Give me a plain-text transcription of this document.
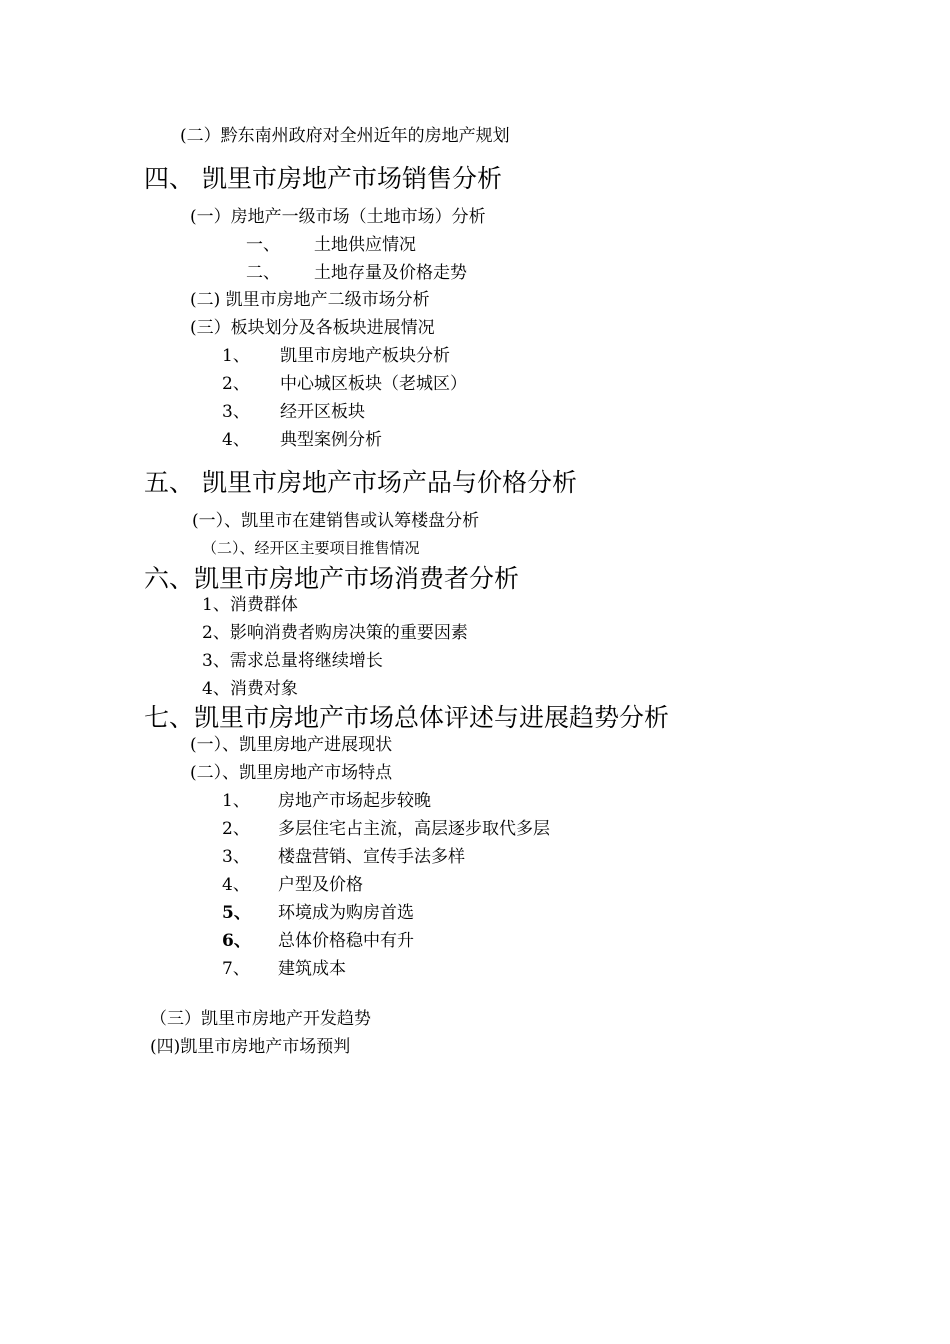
(二）黔东南州政府对全州近年的房地产规划
四、 凯里市房地产市场销售分析
(一）房地产一级市场（土地市场）分析
一、 土地供应情况
二、 土地存量及价格走势
(二) 凯里市房地产二级市场分析
(三）板块划分及各板块进展情况
1、 凯里市房地产板块分析
2、 中心城区板块（老城区）
3、 经开区板块
4、 典型案例分析
五、 凯里市房地产市场产品与价格分析
(一）、凯里市在建销售或认筹楼盘分析
（二）、经开区主要项目推售情况
六、凯里市房地产市场消费者分析
1、消费群体
2、影响消费者购房决策的重要因素
3、需求总量将继续增长
4、消费对象
七、凯里市房地产市场总体评述与进展趋势分析
(一）、凯里房地产进展现状
(二）、凯里房地产市场特点
1、 房地产市场起步较晚
2、 多层住宅占主流，高层逐步取代多层
3、 楼盘营销、宣传手法多样
4、 户型及价格
5、 环境成为购房首选
6、 总体价格稳中有升
7、 建筑成本
（三）凯里市房地产开发趋势
(四)凯里市房地产市场预判
